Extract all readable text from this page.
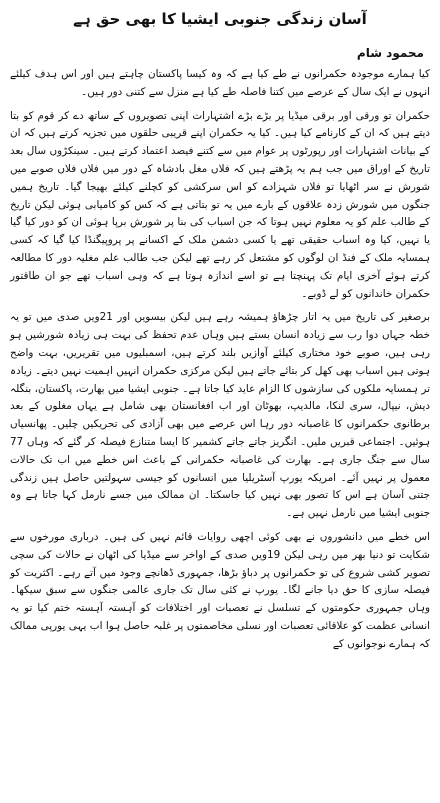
آسان زندگی جنوبی ایشیا کا بھی حق ہے
محمود شام

کیا ہمارے موجودہ حکمرانوں نے طے کیا ہے کہ وہ کیسا پاکستان چاہتے ہیں اور اس ہدف کیلئے انہوں نے ایک سال کے عرصے میں کتنا فاصلہ طے کیا ہے منزل سے کتنی دور ہیں۔

حکمران تو ورقی اور برقی میڈیا پر بڑے بڑے اشتہارات اپنی تصویروں کے ساتھ دے کر قوم کو بتا دیتے ہیں کہ ان کے کارنامے کیا ہیں۔ کیا یہ حکمران اپنے قریبی حلقوں میں تجزیہ کرتے ہیں کہ ان کے بیانات اشتہارات اور رپورٹوں پر عوام میں سے کتنے فیصد اعتماد کرتے ہیں۔ سینکڑوں سال بعد تاریخ کے اوراق میں جب ہم یہ پڑھتے ہیں کہ فلاں مغل بادشاہ کے دور میں فلاں فلاں صوبے میں شورش نے سر اٹھایا تو فلاں شہزادے کو اس سرکشی کو کچلنے کیلئے بھیجا گیا۔ تاریخ ہمیں جنگوں میں شورش زدہ علاقوں کے بارے میں یہ تو بتاتی ہے کہ کس کو کامیابی ہوئی لیکن تاریخ کے طالب علم کو یہ معلوم نہیں ہوتا کہ جن اسباب کی بنا پر شورش برپا ہوئی ان کو دور کیا گیا یا نہیں، کیا وہ اسباب حقیقی تھے یا کسی دشمن ملک کے اکسانے پر پروپیگنڈا کیا گیا کہ کسی ہمسایہ ملک کے فنڈ ان لوگوں کو مشتعل کر رہے تھے لیکن جب طالب علم مغلیہ دور کا مطالعہ کرتے ہوئے آخری ایام تک پہنچتا ہے تو اسے اندازہ ہوتا ہے کہ وہی اسباب تھے جو ان طاقتور حکمران خاندانوں کو لے ڈوبے۔

برصغیر کی تاریخ میں یہ اتار چڑھاؤ ہمیشہ رہے ہیں لیکن بیسویں اور 21ویں صدی میں تو یہ خطہ جہاں دوا رب سے زیادہ انسان بستے ہیں وہاں عدم تحفظ کی بہت ہی زیادہ شورشیں ہو رہی ہیں، صوبے خود مختاری کیلئے آوازیں بلند کرتے ہیں، اسمبلیوں میں تقریریں، بہت واضح ہوتی ہیں اسباب بھی کھل کر بتائے جاتے ہیں لیکن مرکزی حکمران انہیں اہمیت نہیں دیتے۔ زیادہ تر ہمسایہ ملکوں کی سازشوں کا الزام عاید کیا جاتا ہے۔ جنوبی ایشیا میں بھارت، پاکستان، بنگلہ دیش، نیپال، سری لنکا، مالدیپ، بھوٹان اور اب افغانستان بھی شامل ہے یہاں مغلوں کے بعد برطانوی حکمرانوں کا غاصبانہ دور رہا اس عرصے میں بھی آزادی کی تحریکیں چلیں۔ پھانسیاں ہوئیں۔ اجتماعی قبریں ملیں۔ انگریز جاتے جاتے کشمیر کا ایسا متنازع فیصلہ کر گئے کہ وہاں 77 سال سے جنگ جاری ہے۔ بھارت کی غاصبانہ حکمرانی کے باعث اس خطے میں اب تک حالات معمول پر نہیں آئے۔ امریکہ یورپ آسٹریلیا میں انسانوں کو جیسی سہولتیں حاصل ہیں زندگی جتنی آسان ہے اس کا تصور بھی نہیں کیا جاسکتا۔ ان ممالک میں جسے نارمل کہا جاتا ہے وہ جنوبی ایشیا میں نارمل نہیں ہے۔

اس خطے میں دانشوروں نے بھی کوئی اچھی روایات قائم نہیں کی ہیں۔ درباری مورخوں سے شکایت تو دنیا بھر میں رہی لیکن 19ویں صدی کے اواخر سے میڈیا کی اٹھان نے حالات کی سچی تصویر کشی شروع کی تو حکمرانوں پر دباؤ بڑھا، جمہوری ڈھانچے وجود میں آتے رہے۔ اکثریت کو فیصلہ سازی کا حق دیا جانے لگا۔ یورپ نے کئی سال تک جاری عالمی جنگوں سے سبق سیکھا۔ وہاں جمہوری حکومتوں کے تسلسل نے تعصبات اور اختلافات کو آہستہ آہستہ ختم کیا تو یہ انسانی عظمت کو علاقائی تعصبات اور نسلی مخاصمتوں پر غلبہ حاصل ہوا اب یہی یورپی ممالک کہ ہمارے نوجوانوں کے
